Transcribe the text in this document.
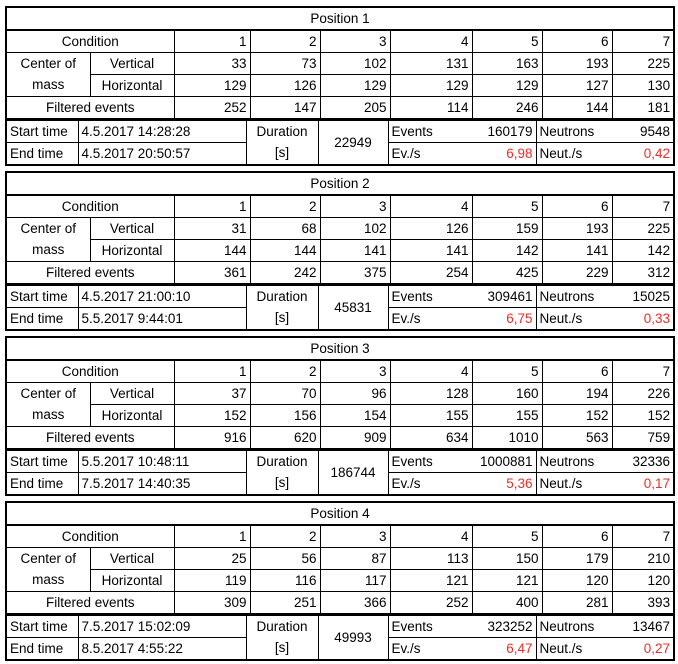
Position 1								
Condition		1	2	3	4	5	6	7
Center of	Vertical	33	73	102	131	163	193	225
mass	Horizontal	129	126	129	129	129	127	130
Filtered events		252	147	205	114	246	144	181
Start time	4.5.2017 14:28:28	Duration	22949	Events	160179	Neutrons	9548
End time	4.5.2017 20:50:57	[s]		Ev./s	6,98	Neut./s	0,42
Position 2								
Condition		1	2	3	4	5	6	7
Center of	Vertical	31	68	102	126	159	193	225
mass	Horizontal	144	144	141	141	142	141	142
Filtered events		361	242	375	254	425	229	312
Start time	4.5.2017 21:00:10	Duration	45831	Events	309461	Neutrons	15025
End time	5.5.2017 9:44:01	[s]		Ev./s	6,75	Neut./s	0,33
Position 3								
Condition		1	2	3	4	5	6	7
Center of	Vertical	37	70	96	128	160	194	226
mass	Horizontal	152	156	154	155	155	152	152
Filtered events		916	620	909	634	1010	563	759
Start time	5.5.2017 10:48:11	Duration	186744	Events	1000881	Neutrons	32336
End time	7.5.2017 14:40:35	[s]		Ev./s	5,36	Neut./s	0,17
Position 4								
Condition		1	2	3	4	5	6	7
Center of	Vertical	25	56	87	113	150	179	210
mass	Horizontal	119	116	117	121	121	120	120
Filtered events		309	251	366	252	400	281	393
Start time	7.5.2017 15:02:09	Duration	49993	Events	323252	Neutrons	13467
End time	8.5.2017 4:55:22	[s]		Ev./s	6,47	Neut./s	0,27
